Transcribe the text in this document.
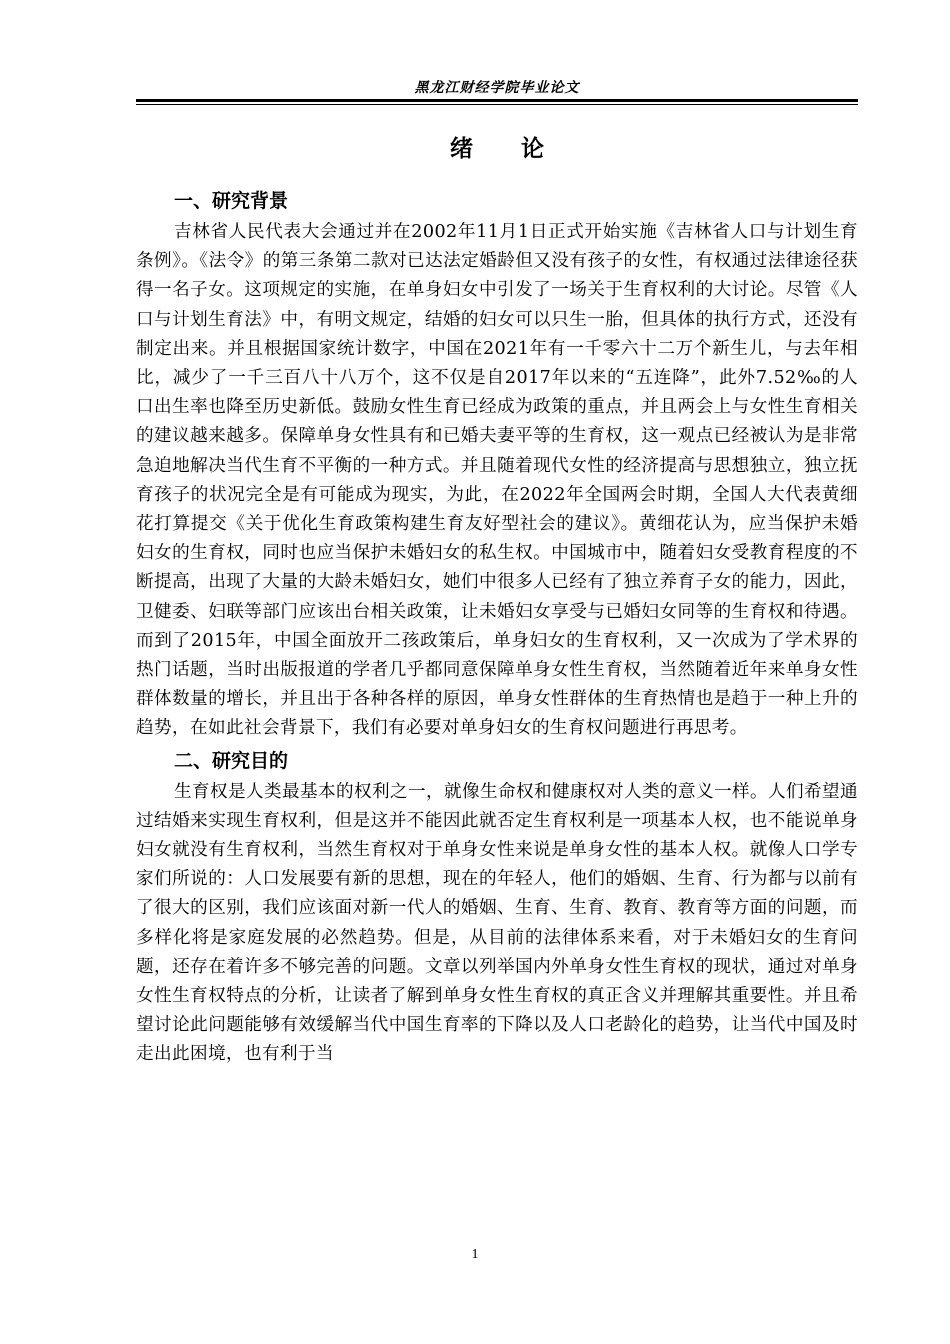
黑龙江财经学院毕业论文
绪 论
一、研究背景

吉林省人民代表大会通过并在2002年11月1日正式开始实施《吉林省人口与计划生育条例》。《法令》的第三条第二款对已达法定婚龄但又没有孩子的女性，有权通过法律途径获得一名子女。这项规定的实施，在单身妇女中引发了一场关于生育权利的大讨论。尽管《人口与计划生育法》中，有明文规定，结婚的妇女可以只生一胎，但具体的执行方式，还没有制定出来。并且根据国家统计数字，中国在2021年有一千零六十二万个新生儿，与去年相比，减少了一千三百八十八万个，这不仅是自2017年以来的“五连降”，此外7.52‰的人口出生率也降至历史新低。鼓励女性生育已经成为政策的重点，并且两会上与女性生育相关的建议越来越多。保障单身女性具有和已婚夫妻平等的生育权，这一观点已经被认为是非常急迫地解决当代生育不平衡的一种方式。并且随着现代女性的经济提高与思想独立，独立抚育孩子的状况完全是有可能成为现实，为此，在2022年全国两会时期，全国人大代表黄细花打算提交《关于优化生育政策构建生育友好型社会的建议》。黄细花认为，应当保护未婚妇女的生育权，同时也应当保护未婚妇女的私生权。中国城市中，随着妇女受教育程度的不断提高，出现了大量的大龄未婚妇女，她们中很多人已经有了独立养育子女的能力，因此，卫健委、妇联等部门应该出台相关政策，让未婚妇女享受与已婚妇女同等的生育权和待遇。而到了2015年，中国全面放开二孩政策后，单身妇女的生育权利，又一次成为了学术界的热门话题，当时出版报道的学者几乎都同意保障单身女性生育权，当然随着近年来单身女性群体数量的增长，并且出于各种各样的原因，单身女性群体的生育热情也是趋于一种上升的趋势，在如此社会背景下，我们有必要对单身妇女的生育权问题进行再思考。

二、研究目的

生育权是人类最基本的权利之一，就像生命权和健康权对人类的意义一样。人们希望通过结婚来实现生育权利，但是这并不能因此就否定生育权利是一项基本人权，也不能说单身妇女就没有生育权利，当然生育权对于单身女性来说是单身女性的基本人权。就像人口学专家们所说的：人口发展要有新的思想，现在的年轻人，他们的婚姻、生育、行为都与以前有了很大的区别，我们应该面对新一代人的婚姻、生育、生育、教育、教育等方面的问题，而多样化将是家庭发展的必然趋势。但是，从目前的法律体系来看，对于未婚妇女的生育问题，还存在着许多不够完善的问题。文章以列举国内外单身女性生育权的现状，通过对单身女性生育权特点的分析，让读者了解到单身女性生育权的真正含义并理解其重要性。并且希望讨论此问题能够有效缓解当代中国生育率的下降以及人口老龄化的趋势，让当代中国及时走出此困境，也有利于当

1
